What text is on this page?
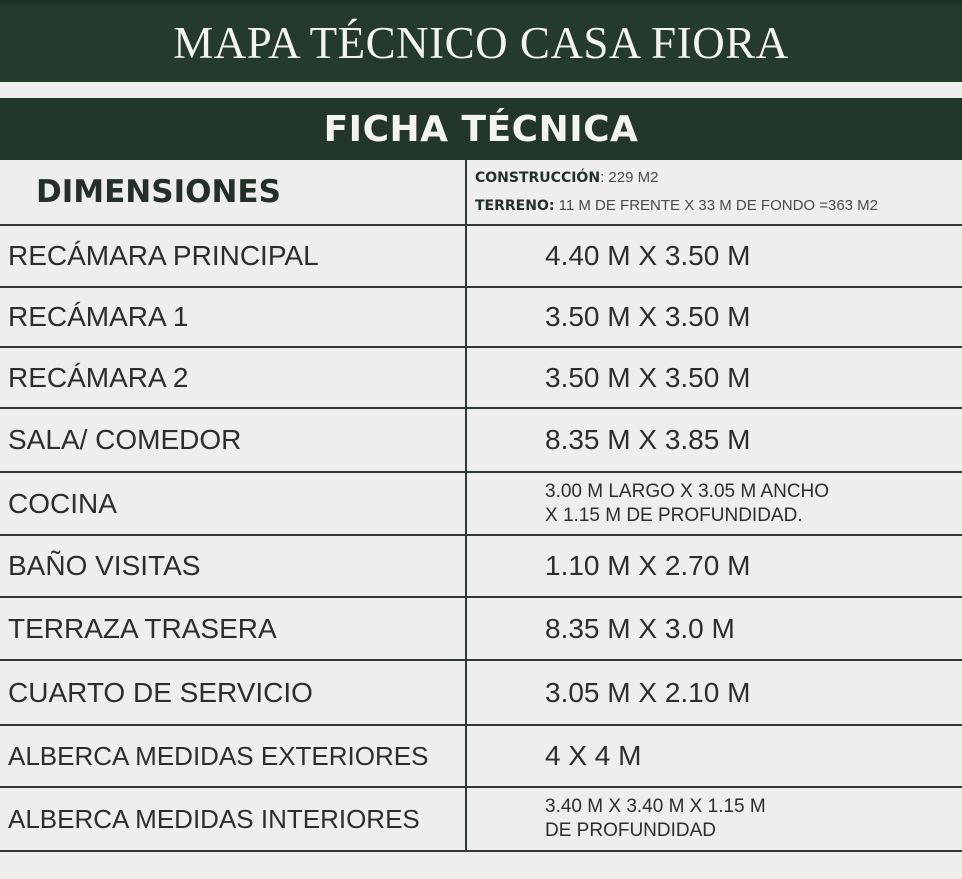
MAPA TÉCNICO CASA FIORA
FICHA TÉCNICA
DIMENSIONES	CONSTRUCCIÓN: 229 M2
TERRENO: 11 M DE FRENTE X 33 M DE FONDO =363 M2

RECÁMARA PRINCIPAL	4.40 M X 3.50 M
RECÁMARA 1	3.50 M X 3.50 M
RECÁMARA 2	3.50 M X 3.50 M
SALA/ COMEDOR	8.35 M X 3.85 M
COCINA	3.00 M LARGO X 3.05 M ANCHO
X 1.15 M DE PROFUNDIDAD.

BAÑO VISITAS	1.10 M X 2.70 M
TERRAZA TRASERA	8.35 M X 3.0 M
CUARTO DE SERVICIO	3.05 M X 2.10 M
ALBERCA MEDIDAS EXTERIORES	4 X 4 M
ALBERCA MEDIDAS INTERIORES	3.40 M X 3.40 M X 1.15 M
DE PROFUNDIDAD
